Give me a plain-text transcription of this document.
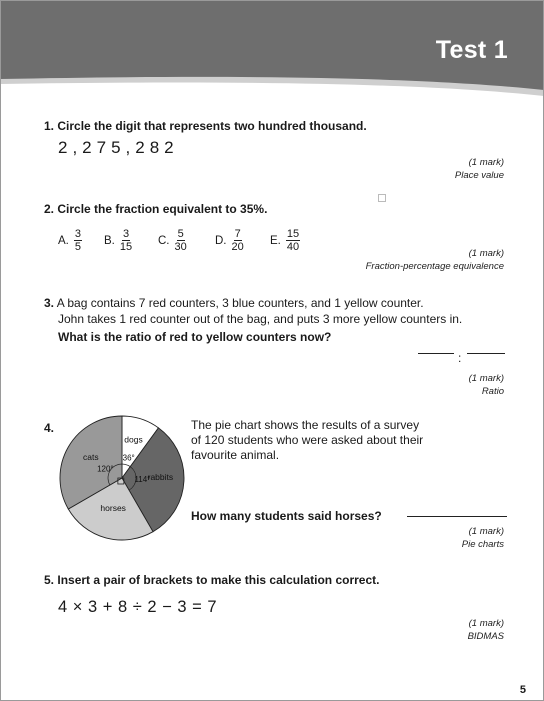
Test 1
1. Circle the digit that represents two hundred thousand.
2,275,282
(1 mark)
Place value
2. Circle the fraction equivalent to 35%.
A. $\frac{3}{5} B$. $\frac{3}{15} C$. $\frac{5}{30} D$. $\frac{7}{20} E$. $\frac{15}{40}$
(1 mark)
Fraction-percentage equivalence
3. A bag contains 7 red counters, 3 blue counters, and 1 yellow counter.
John takes 1 red counter out of the bag, and puts 3 more yellow counters in.
What is the ratio of red to yellow counters now?
:
(1 mark)
Ratio
4.
dogs
36°
rabbits
114°
horses
cats
120°
The pie chart shows the results of a survey
of 120 students who were asked about their
favourite animal.
How many students said horses?
(1 mark)
Pie charts
5. Insert a pair of brackets to make this calculation correct.
4 × 3 + 8 ÷ 2 − 3 = 7
(1 mark)
BIDMAS
5
